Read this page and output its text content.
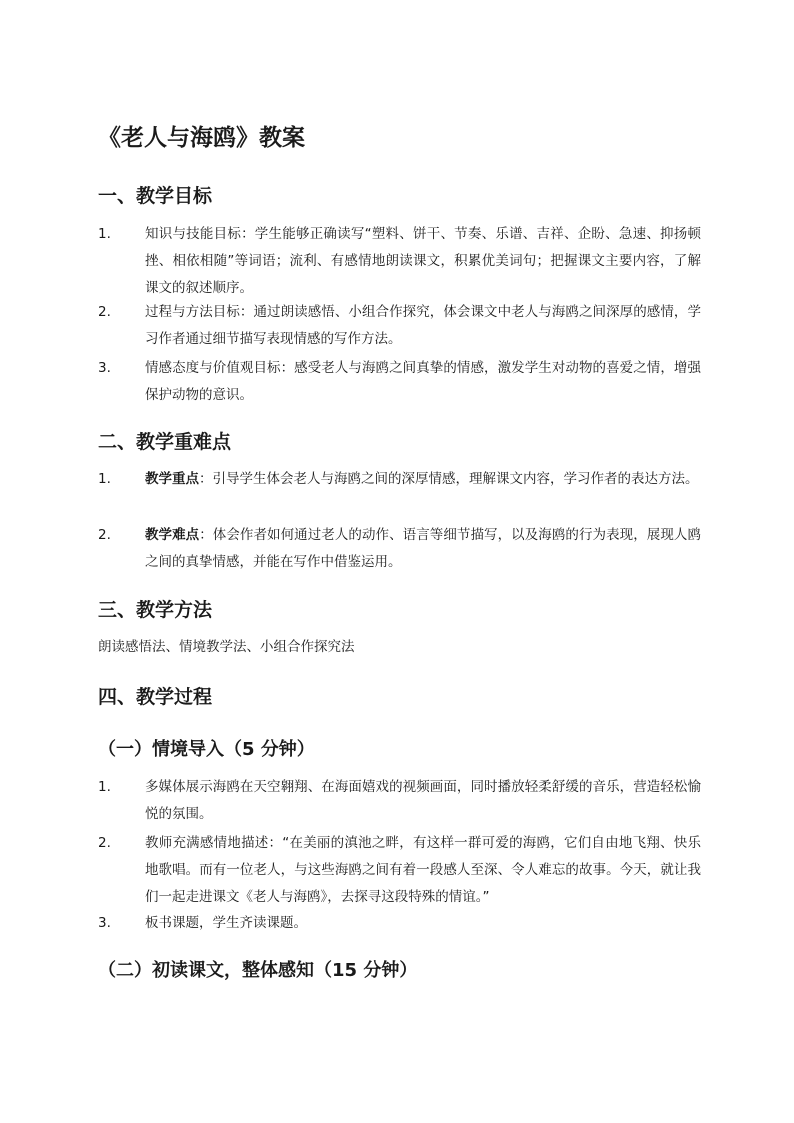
《老人与海鸥》教案
一、教学目标
1.	知识与技能目标：学生能够正确读写“塑料、饼干、节奏、乐谱、吉祥、企盼、急速、抑扬顿挫、相依相随”等词语；流利、有感情地朗读课文，积累优美词句；把握课文主要内容，了解课文的叙述顺序。
2.	过程与方法目标：通过朗读感悟、小组合作探究，体会课文中老人与海鸥之间深厚的感情，学习作者通过细节描写表现情感的写作方法。
3.	情感态度与价值观目标：感受老人与海鸥之间真挚的情感，激发学生对动物的喜爱之情，增强保护动物的意识。
二、教学重难点
1.	教学重点：引导学生体会老人与海鸥之间的深厚情感，理解课文内容，学习作者的表达方法。
2.	教学难点：体会作者如何通过老人的动作、语言等细节描写，以及海鸥的行为表现，展现人鸥之间的真挚情感，并能在写作中借鉴运用。
三、教学方法
朗读感悟法、情境教学法、小组合作探究法
四、教学过程
（一）情境导入（5 分钟）
1.	多媒体展示海鸥在天空翱翔、在海面嬉戏的视频画面，同时播放轻柔舒缓的音乐，营造轻松愉悦的氛围。
2.	教师充满感情地描述：“在美丽的滇池之畔，有这样一群可爱的海鸥，它们自由地飞翔、快乐地歌唱。而有一位老人，与这些海鸥之间有着一段感人至深、令人难忘的故事。今天，就让我们一起走进课文《老人与海鸥》，去探寻这段特殊的情谊。”
3.	板书课题，学生齐读课题。
（二）初读课文，整体感知（15 分钟）
